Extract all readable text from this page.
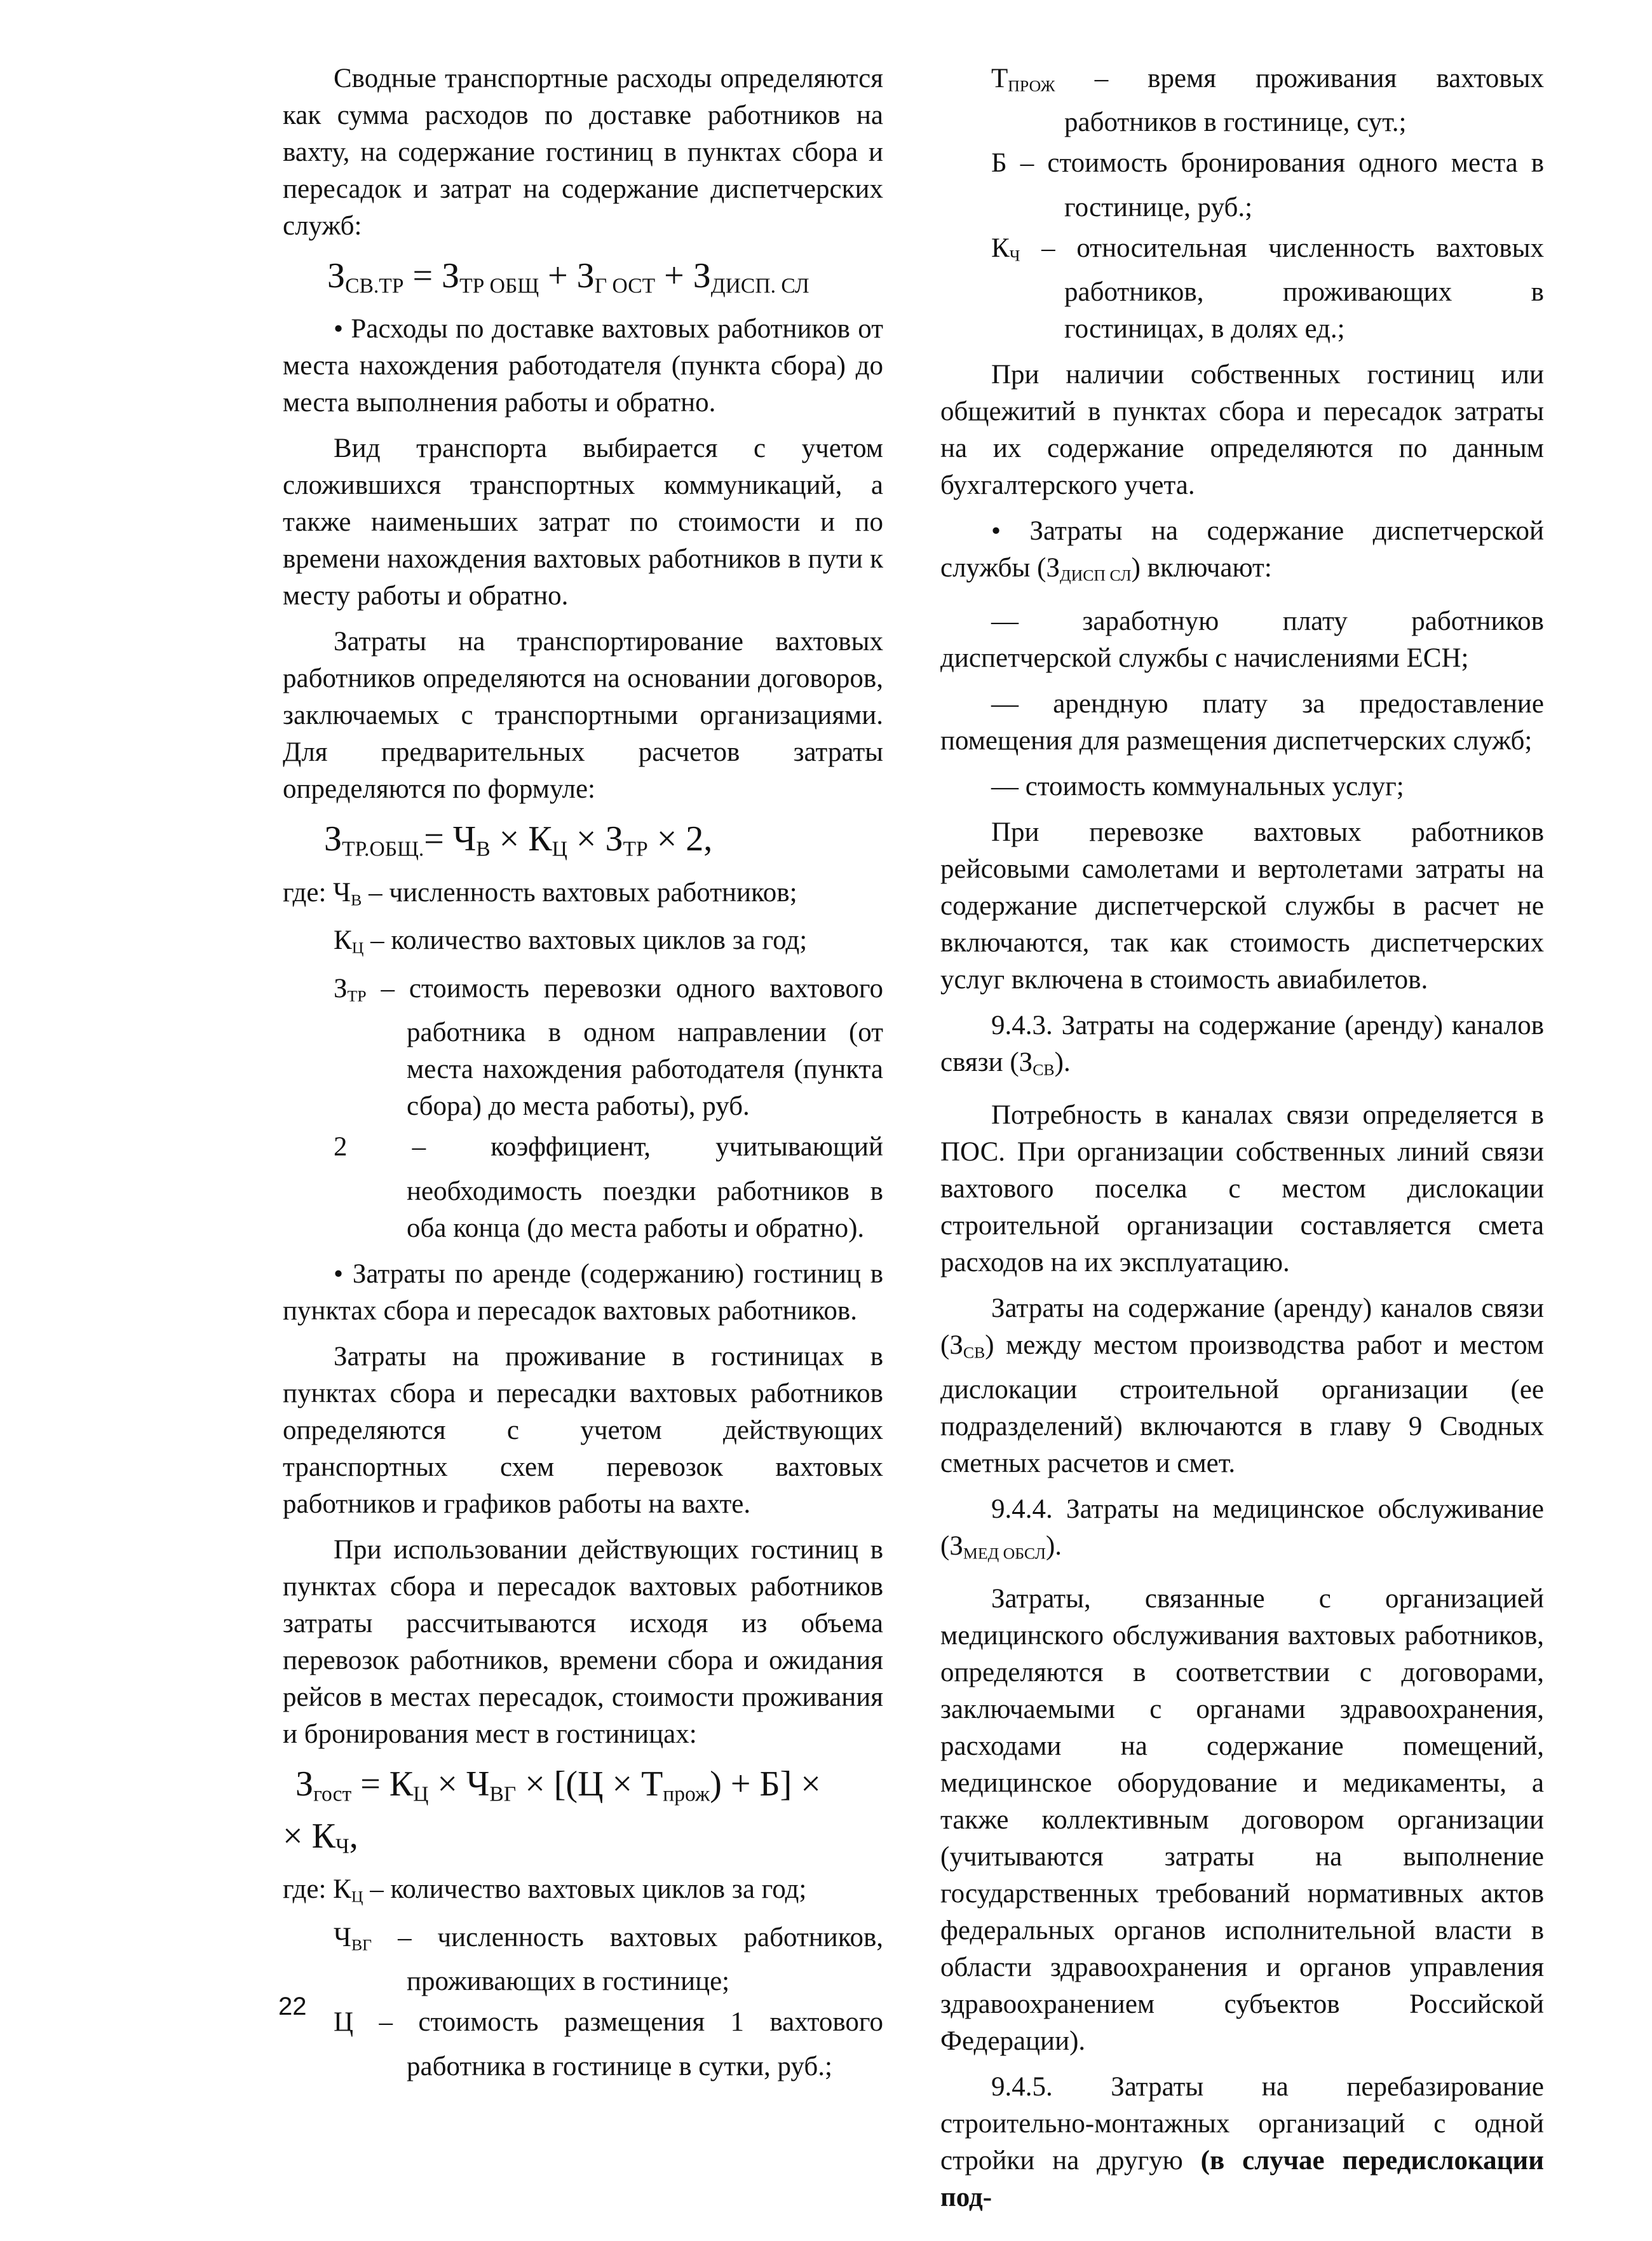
Сводные транспортные расходы определяются как сумма расходов по доставке работников на вахту, на содержание гостиниц в пунктах сбора и пересадок и затрат на содержание диспетчерских служб:

$З_{СВ.ТР} = З_{ТР ОБЩ} + З_{Г ОСТ} + З_{ДИСП. СЛ}$

• Расходы по доставке вахтовых работников от места нахождения работодателя (пункта сбора) до места выполнения работы и обратно.

Вид транспорта выбирается с учетом сложившихся транспортных коммуникаций, а также наименьших затрат по стоимости и по времени нахождения вахтовых работников в пути к месту работы и обратно.

Затраты на транспортирование вахтовых работников определяются на основании договоров, заключаемых с транспортными организациями. Для предварительных расчетов затраты определяются по формуле:

$З_{ТР.ОБЩ.}= Ч_В \times К_Ц \times З_{ТР} \times 2$,
где: $Ч_В$ – численность вахтовых работников;
$К_Ц$ – количество вахтовых циклов за год;
$З_{ТР}$ – стоимость перевозки одного вахтового работника в одном направлении (от места нахождения работодателя (пункта сбора) до места работы), руб.
2 – коэффициент, учитывающий необходимость поездки работников в оба конца (до места работы и обратно).

• Затраты по аренде (содержанию) гостиниц в пунктах сбора и пересадок вахтовых работников.

Затраты на проживание в гостиницах в пунктах сбора и пересадки вахтовых работников определяются с учетом действующих транспортных схем перевозок вахтовых работников и графиков работы на вахте.

При использовании действующих гостиниц в пунктах сбора и пересадок вахтовых работников затраты рассчитываются исходя из объема перевозок работников, времени сбора и ожидания рейсов в местах пересадок, стоимости проживания и бронирования мест в гостиницах:

$З_{гост} = К_Ц \times Ч_{ВГ} \times [(Ц \times Т_{прож}) + Б]$ ×
× $К_Ч$,
где: $К_Ц$ – количество вахтовых циклов за год;
$Ч_{ВГ}$ – численность вахтовых работников, проживающих в гостинице;
Ц – стоимость размещения 1 вахтового работника в гостинице в сутки, руб.;
$Т_{ПРОЖ}$ – время проживания вахтовых работников в гостинице, сут.;
Б – стоимость бронирования одного места в гостинице, руб.;
$К_Ч$ – относительная численность вахтовых работников, проживающих в гостиницах, в долях ед.;

При наличии собственных гостиниц или общежитий в пунктах сбора и пересадок затраты на их содержание определяются по данным бухгалтерского учета.

• Затраты на содержание диспетчерской службы $(З_{ДИСП СЛ})$ включают:

— заработную плату работников диспетчерской службы с начислениями ЕСН;

— арендную плату за предоставление помещения для размещения диспетчерских служб;

— стоимость коммунальных услуг;

При перевозке вахтовых работников рейсовыми самолетами и вертолетами затраты на содержание диспетчерской службы в расчет не включаются, так как стоимость диспетчерских услуг включена в стоимость авиабилетов.

9.4.3. Затраты на содержание (аренду) каналов связи $(З_{СВ})$.

Потребность в каналах связи определяется в ПОС. При организации собственных линий связи вахтового поселка с местом дислокации строительной организации составляется смета расходов на их эксплуатацию.

Затраты на содержание (аренду) каналов связи $(З_{СВ})$ между местом производства работ и местом дислокации строительной организации (ее подразделений) включаются в главу 9 Сводных сметных расчетов и смет.

9.4.4. Затраты на медицинское обслуживание $(З_{МЕД ОБСЛ})$.

Затраты, связанные с организацией медицинского обслуживания вахтовых работников, определяются в соответствии с договорами, заключаемыми с органами здравоохранения, расходами на содержание помещений, медицинское оборудование и медикаменты, а также коллективным договором организации (учитываются затраты на выполнение государственных требований нормативных актов федеральных органов исполнительной власти в области здравоохранения и органов управления здравоохранением субъектов Российской Федерации).

9.4.5. Затраты на перебазирование строительно-монтажных организаций с одной стройки на другую (в случае передислокации под-

22
